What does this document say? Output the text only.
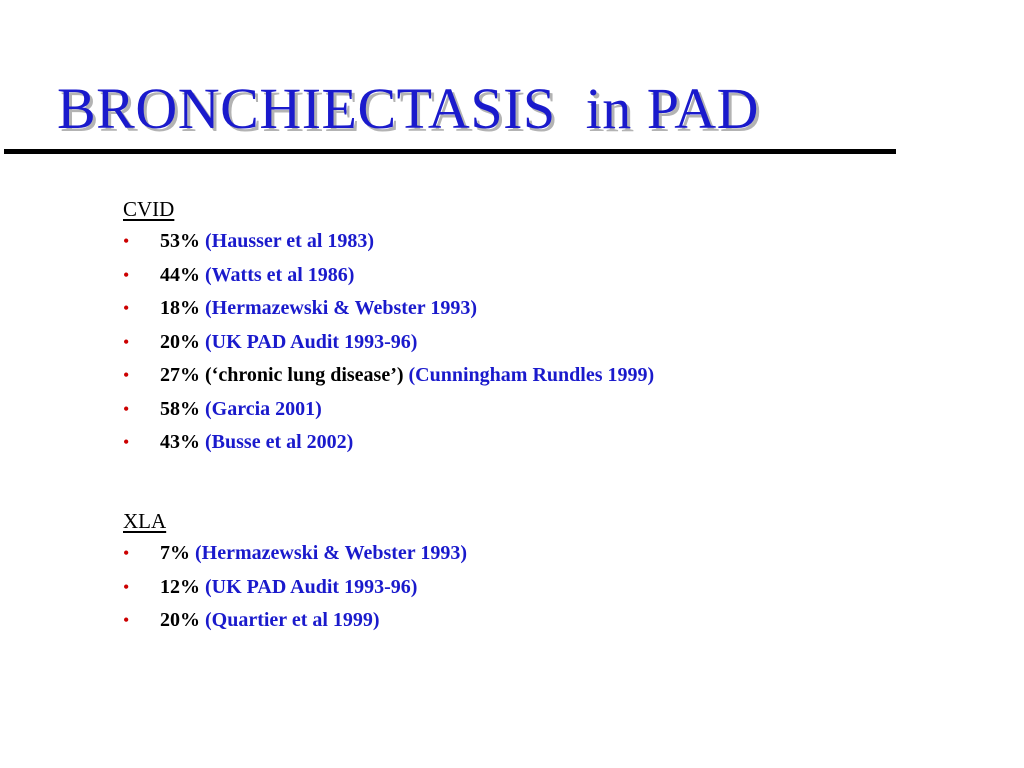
BRONCHIECTASIS  in PAD
CVID
• 53% (Hausser et al 1983)
• 44% (Watts et al 1986)
• 18% (Hermazewski & Webster 1993)
• 20% (UK PAD Audit 1993-96)
• 27% (‘chronic lung disease’) (Cunningham Rundles 1999)
• 58% (Garcia 2001)
• 43% (Busse et al 2002)
XLA
• 7% (Hermazewski & Webster 1993)
• 12% (UK PAD Audit 1993-96)
• 20% (Quartier et al 1999)
